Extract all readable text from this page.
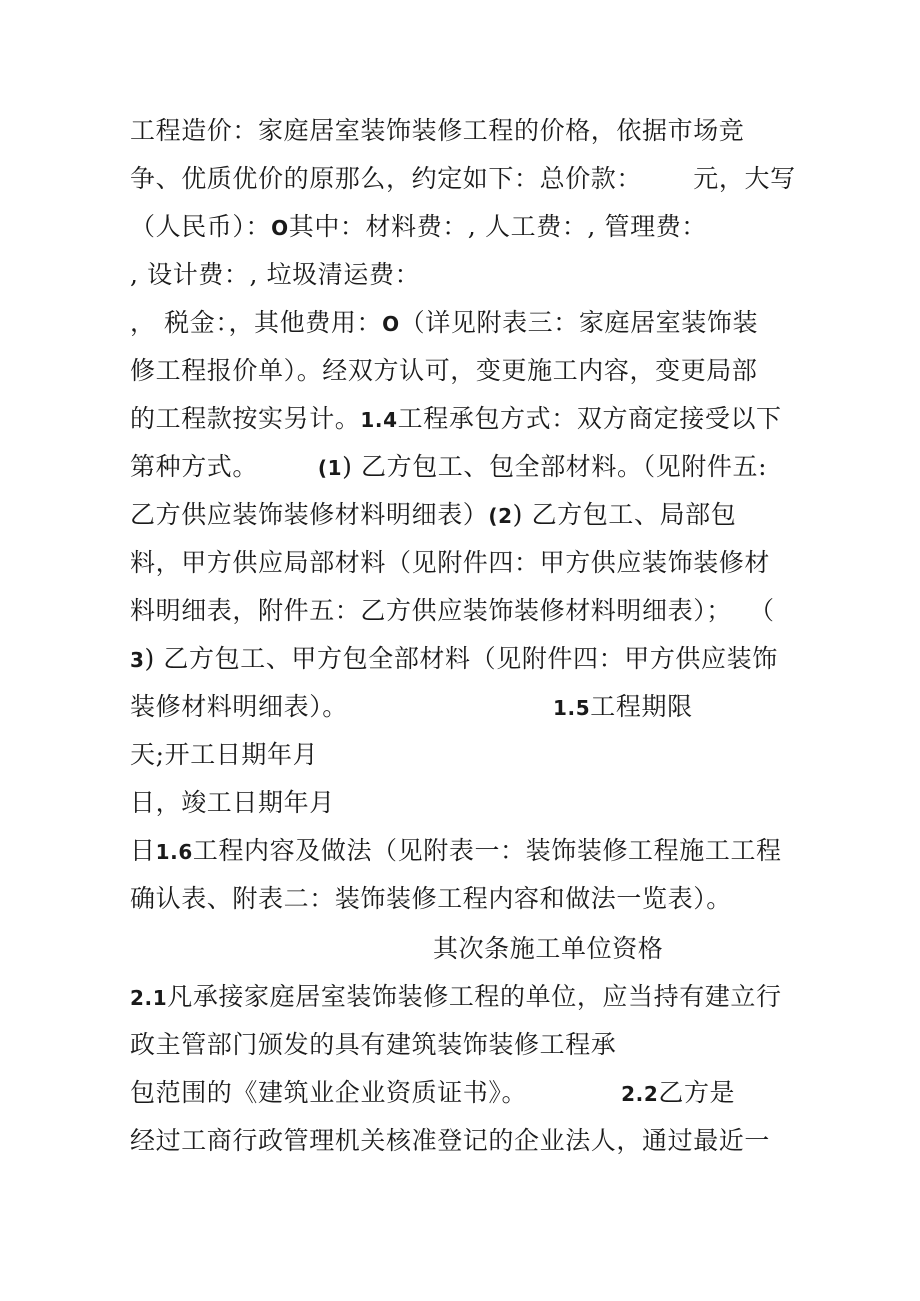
工程造价：家庭居室装饰装修工程的价格，依据市场竞
争、优质优价的原那么，约定如下：总价款：      元，大写
（人民币）：O其中：材料费：, 人工费：, 管理费：
, 设计费：, 垃圾清运费：
， 税金：，其他费用：O（详见附表三：家庭居室装饰装
修工程报价单）。经双方认可，变更施工内容，变更局部
的工程款按实另计。1.4工程承包方式：双方商定接受以下
第种方式。       (1) 乙方包工、包全部材料。（见附件五:
乙方供应装饰装修材料明细表）(2) 乙方包工、局部包
料，甲方供应局部材料（见附件四：甲方供应装饰装修材
料明细表，附件五：乙方供应装饰装修材料明细表）；  （
3) 乙方包工、甲方包全部材料（见附件四：甲方供应装饰
装修材料明细表）。                        1.5工程期限
天;开工日期年月
日，竣工日期年月
日1.6工程内容及做法（见附表一：装饰装修工程施工工程
确认表、附表二：装饰装修工程内容和做法一览表）。
其次条施工单位资格
2.1凡承接家庭居室装饰装修工程的单位，应当持有建立行
政主管部门颁发的具有建筑装饰装修工程承
包范围的《建筑业企业资质证书》。           2.2乙方是
经过工商行政管理机关核准登记的企业法人，通过最近一
